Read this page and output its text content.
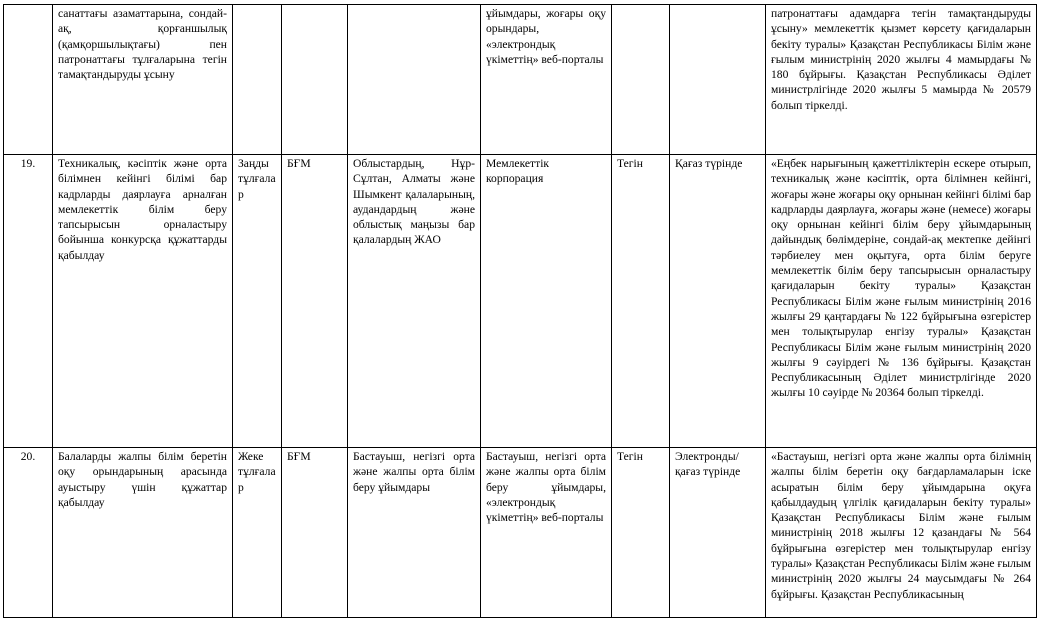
	санаттағы азаматтарына, сондай-ақ, қорғаншылық (қамқоршылықтағы) пен патронаттағы тұлғаларына тегін тамақтандыруды ұсыну				ұйымдары, жоғары оқу орындары, «электрондық үкіметтің» веб-порталы			патронаттағы адамдарға тегін тамақтандыруды ұсыну» мемлекеттік қызмет көрсету қағидаларын бекіту туралы» Қазақстан Республикасы Білім және ғылым министрінің 2020 жылғы 4 мамырдағы № 180 бұйрығы. Қазақстан Республикасы Әділет министрлігінде 2020 жылғы 5 мамырда № 20579 болып тіркелді.
19.	Техникалық, кәсіптік және орта білімнен кейінгі білімі бар кадрларды даярлауға арналған мемлекеттік білім беру тапсырысын орналастыру бойынша конкурсқа құжаттарды қабылдау	Заңды тұлғалар	БҒМ	Облыстардың, Нұр-Сұлтан, Алматы және Шымкент қалаларының, аудандардың және облыстық маңызы бар қалалардың ЖАО	Мемлекеттік корпорация	Тегін	Қағаз түрінде	«Еңбек нарығының қажеттіліктерін ескере отырып, техникалық және кәсіптік, орта білімнен кейінгі, жоғары және жоғары оқу орнынан кейінгі білімі бар кадрларды даярлауға, жоғары және (немесе) жоғары оқу орнынан кейінгі білім беру ұйымдарының дайындық бөлімдеріне, сондай-ақ мектепке дейінгі тәрбиелеу мен оқытуға, орта білім беруге мемлекеттік білім беру тапсырысын орналастыру қағидаларын бекіту туралы» Қазақстан Республикасы Білім және ғылым министрінің 2016 жылғы 29 қаңтардағы № 122 бұйрығына өзгерістер мен толықтырулар енгізу туралы» Қазақстан Республикасы Білім және ғылым министрінің 2020 жылғы 9 сәуірдегі № 136 бұйрығы. Қазақстан Республикасының Әділет министрлігінде 2020 жылғы 10 сәуірде № 20364 болып тіркелді.
20.	Балаларды жалпы білім беретін оқу орындарының арасында ауыстыру үшін құжаттар қабылдау	Жеке тұлғалар	БҒМ	Бастауыш, негізгі орта және жалпы орта білім беру ұйымдары	Бастауыш, негізгі орта және жалпы орта білім беру ұйымдары, «электрондық үкіметтің» веб-порталы	Тегін	Электронды/ қағаз түрінде	«Бастауыш, негізгі орта және жалпы орта білімнің жалпы білім беретін оқу бағдарламаларын іске асыратын білім беру ұйымдарына оқуға қабылдаудың үлгілік қағидаларын бекіту туралы» Қазақстан Республикасы Білім және ғылым министрінің 2018 жылғы 12 қазандағы № 564 бұйрығына өзгерістер мен толықтырулар енгізу туралы» Қазақстан Республикасы Білім және ғылым министрінің 2020 жылғы 24 маусымдағы № 264 бұйрығы. Қазақстан Республикасының
